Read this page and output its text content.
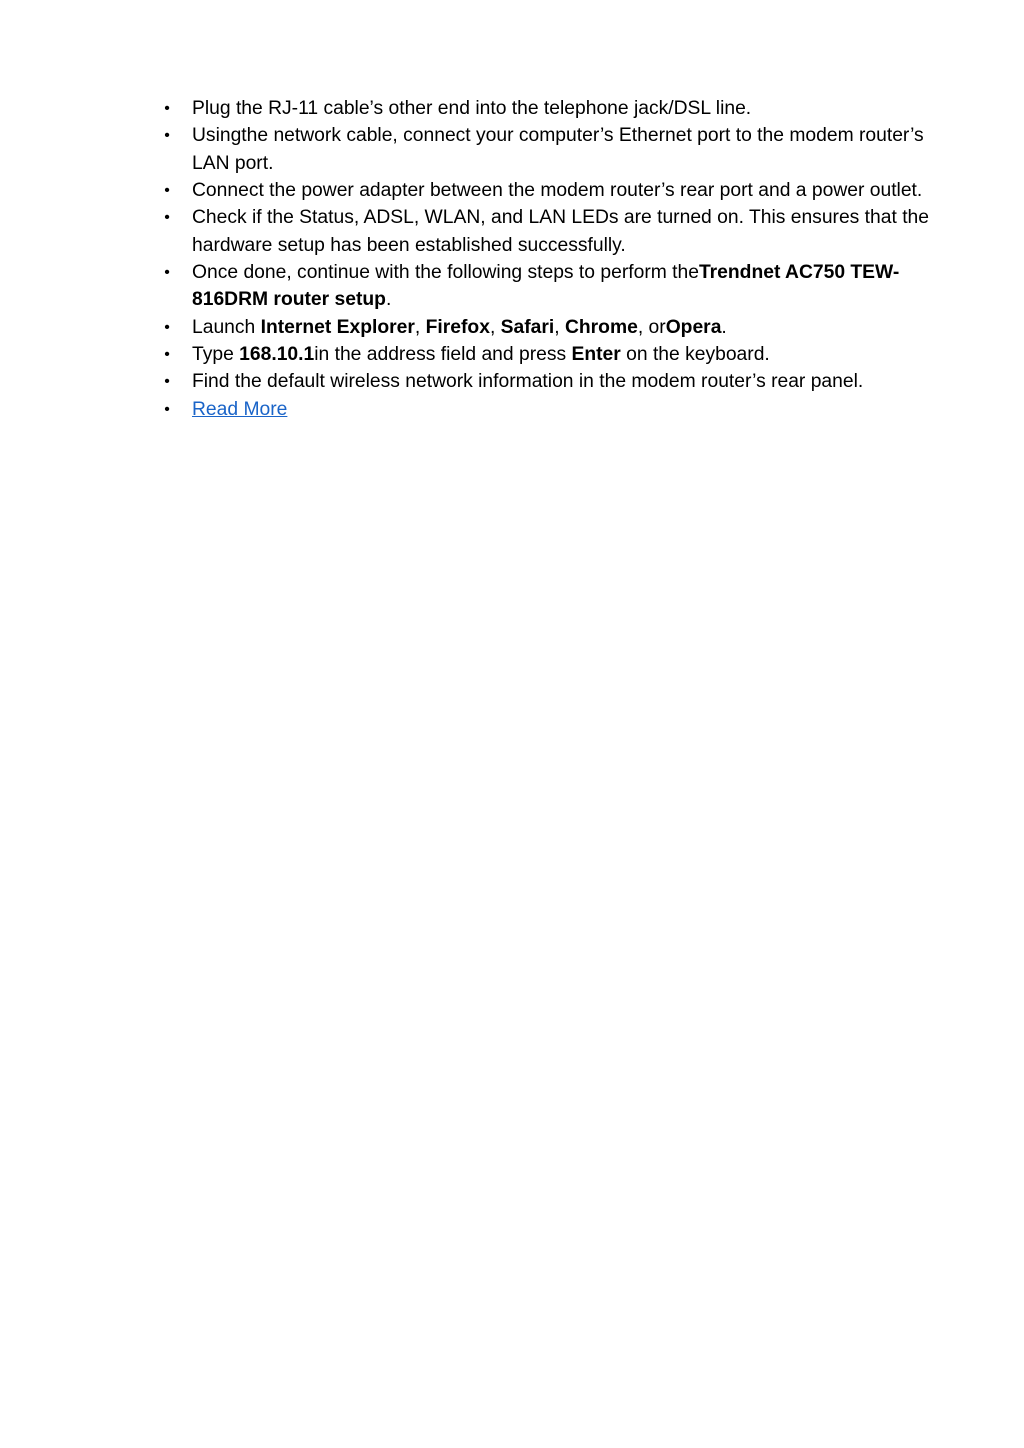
• Plug the RJ-11 cable’s other end into the telephone jack/DSL line.
• Usingthe network cable, connect your computer’s Ethernet port to the modem router’s LAN port.
• Connect the power adapter between the modem router’s rear port and a power outlet.
• Check if the Status, ADSL, WLAN, and LAN LEDs are turned on. This ensures that the hardware setup has been established successfully.
• Once done, continue with the following steps to perform theTrendnet AC750 TEW-816DRM router setup.
• Launch Internet Explorer, Firefox, Safari, Chrome, orOpera.
• Type 168.10.1in the address field and press Enter on the keyboard.
• Find the default wireless network information in the modem router’s rear panel.
• Read More
